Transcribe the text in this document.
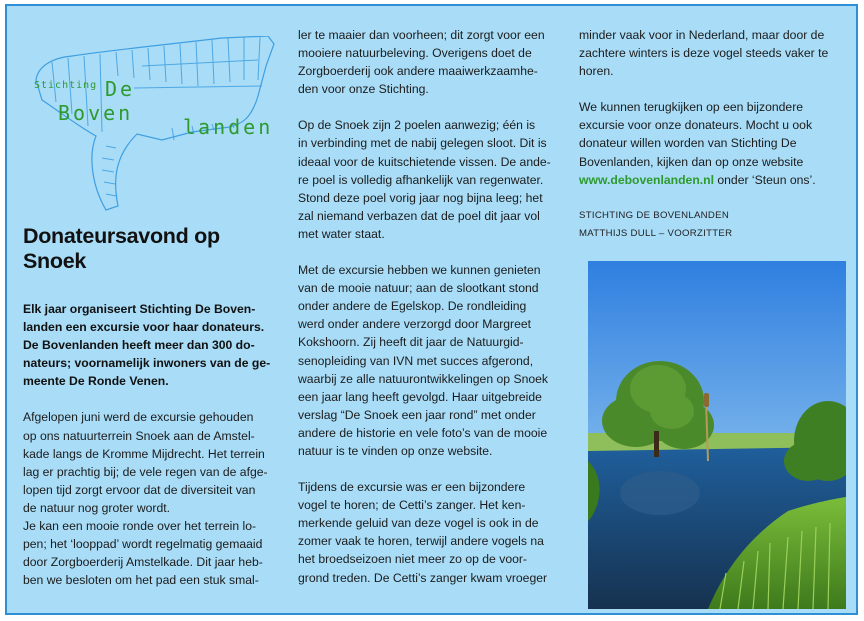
Stichting De
Boven
landen
Donateursavond op
Snoek

Elk jaar organiseert Stichting De Boven-
landen een excursie voor haar donateurs.
De Bovenlanden heeft meer dan 300 do-
nateurs; voornamelijk inwoners van de ge-
meente De Ronde Venen.

Afgelopen juni werd de excursie gehouden
op ons natuurterrein Snoek aan de Amstel-
kade langs de Kromme Mijdrecht. Het terrein
lag er prachtig bij; de vele regen van de afge-
lopen tijd zorgt ervoor dat de diversiteit van
de natuur nog groter wordt.

Je kan een mooie ronde over het terrein lo-
pen; het ‘looppad’ wordt regelmatig gemaaid
door Zorgboerderij Amstelkade. Dit jaar heb-
ben we besloten om het pad een stuk smal-

ler te maaier dan voorheen; dit zorgt voor een
mooiere natuurbeleving. Overigens doet de
Zorgboerderij ook andere maaiwerkzaamhe-
den voor onze Stichting.

Op de Snoek zijn 2 poelen aanwezig; één is
in verbinding met de nabij gelegen sloot. Dit is
ideaal voor de kuitschietende vissen. De ande-
re poel is volledig afhankelijk van regenwater.
Stond deze poel vorig jaar nog bijna leeg; het
zal niemand verbazen dat de poel dit jaar vol
met water staat.

Met de excursie hebben we kunnen genieten
van de mooie natuur; aan de slootkant stond
onder andere de Egelskop. De rondleiding
werd onder andere verzorgd door Margreet
Kokshoorn. Zij heeft dit jaar de Natuurgid-
senopleiding van IVN met succes afgerond,
waarbij ze alle natuurontwikkelingen op Snoek
een jaar lang heeft gevolgd. Haar uitgebreide
verslag “De Snoek een jaar rond” met onder
andere de historie en vele foto’s van de mooie
natuur is te vinden op onze website.

Tijdens de excursie was er een bijzondere
vogel te horen; de Cetti’s zanger. Het ken-
merkende geluid van deze vogel is ook in de
zomer vaak te horen, terwijl andere vogels na
het broedseizoen niet meer zo op de voor-
grond treden. De Cetti’s zanger kwam vroeger

minder vaak voor in Nederland, maar door de
zachtere winters is deze vogel steeds vaker te
horen.

We kunnen terugkijken op een bijzondere
excursie voor onze donateurs. Mocht u ook
donateur willen worden van Stichting De
Bovenlanden, kijken dan op onze website
www.debovenlanden.nl onder ‘Steun ons’.

STICHTING DE BOVENLANDEN
MATTHIJS DULL – VOORZITTER
